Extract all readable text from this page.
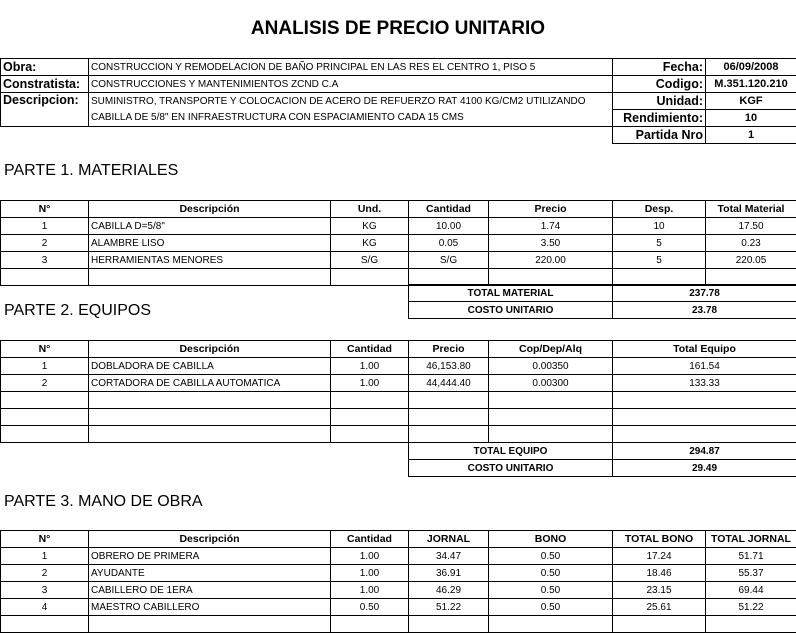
ANALISIS DE PRECIO UNITARIO
Obra:	CONSTRUCCION Y REMODELACION DE BAÑO PRINCIPAL EN LAS RES EL CENTRO 1, PISO 5	Fecha:	06/09/2008
Constratista:	CONSTRUCCIONES Y MANTENIMIENTOS ZCND C.A	Codigo:	M.351.120.210
Descripcion:	SUMINISTRO, TRANSPORTE Y COLOCACION DE ACERO DE REFUERZO RAT 4100 KG/CM2 UTILIZANDO	Unidad:	KGF
	CABILLA DE 5/8" EN INFRAESTRUCTURA CON ESPACIAMIENTO CADA 15 CMS	Rendimiento:	10
		Partida Nro	1
PARTE 1. MATERIALES
N°	Descripción	Und.	Cantidad	Precio	Desp.	Total Material
1	CABILLA D=5/8"	KG	10.00	1.74	10	17.50
2	ALAMBRE LISO	KG	0.05	3.50	5	0.23
3	HERRAMIENTAS MENORES	S/G	S/G	220.00	5	220.05

TOTAL MATERIAL	237.78
COSTO UNITARIO	23.78
PARTE 2. EQUIPOS
N°	Descripción	Cantidad	Precio	Cop/Dep/Alq	Total Equipo
1	DOBLADORA DE CABILLA	1.00	46,153.80	0.00350	161.54
2	CORTADORA DE CABILLA AUTOMATICA	1.00	44,444.40	0.00300	133.33

TOTAL EQUIPO	294.87
COSTO UNITARIO	29.49
PARTE 3. MANO DE OBRA
N°	Descripción	Cantidad	JORNAL	BONO	TOTAL BONO	TOTAL JORNAL
1	OBRERO DE PRIMERA	1.00	34.47	0.50	17.24	51.71
2	AYUDANTE	1.00	36.91	0.50	18.46	55.37
3	CABILLERO DE 1ERA	1.00	46.29	0.50	23.15	69.44
4	MAESTRO CABILLERO	0.50	51.22	0.50	25.61	51.22
